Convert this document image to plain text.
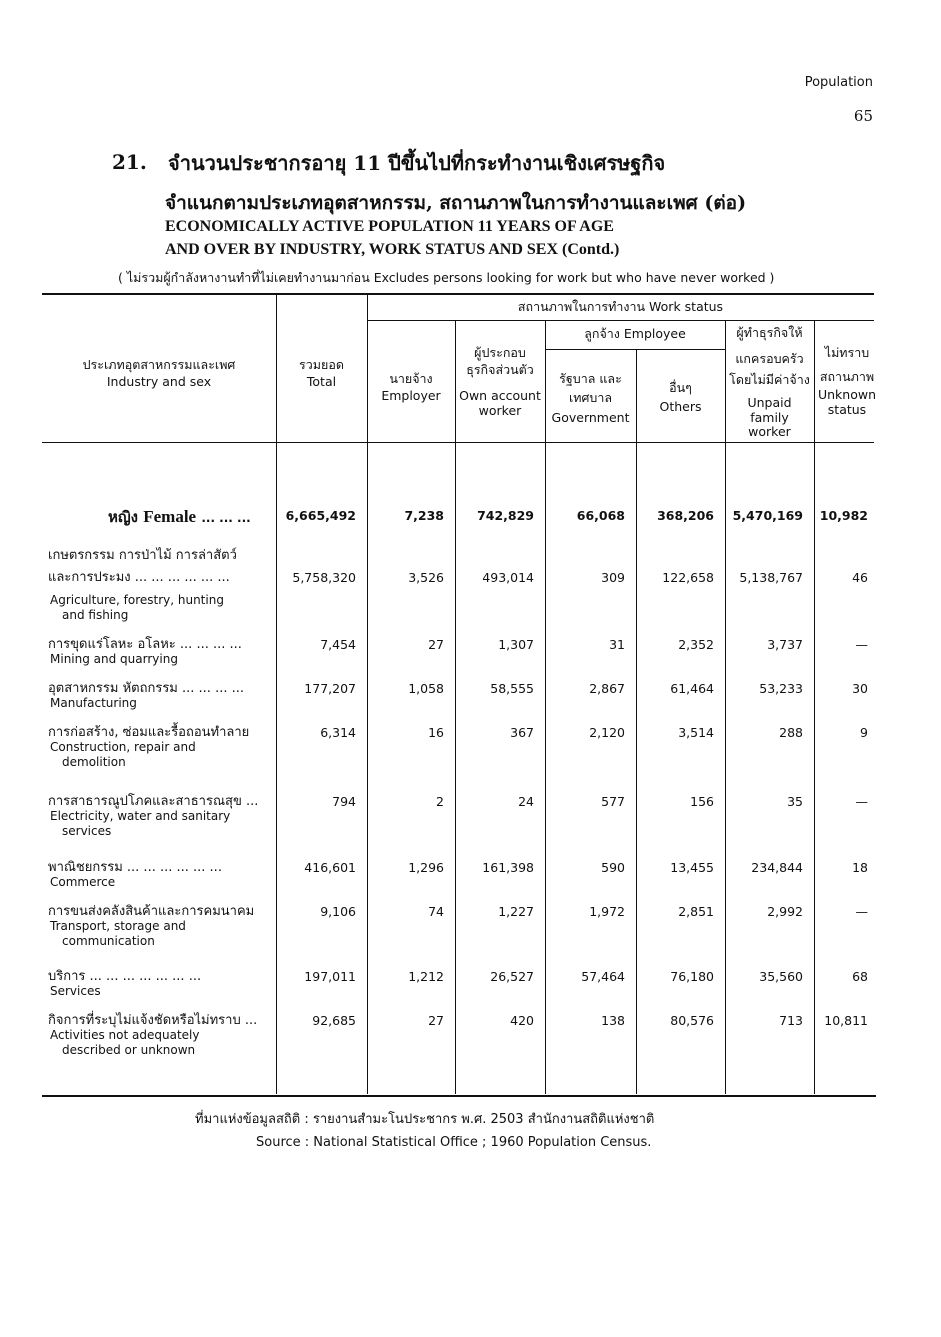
Population
65
21. จำนวนประชากรอายุ 11 ปีขึ้นไปที่กระทำงานเชิงเศรษฐกิจ
จำแนกตามประเภทอุตสาหกรรม, สถานภาพในการทำงานและเพศ (ต่อ)
ECONOMICALLY ACTIVE POPULATION 11 YEARS OF AGE
AND OVER BY INDUSTRY, WORK STATUS AND SEX (Contd.)
( ไม่รวมผู้กำลังหางานทำที่ไม่เคยทำงานมาก่อน Excludes persons looking for work but who have never worked )
ประเภทอุตสาหกรรมและเพศ
Industry and sex
รวมยอด
Total
สถานภาพในการทำงาน Work status
นายจ้าง
Employer
ผู้ประกอบ
ธุรกิจส่วนตัว
Own account
worker
ลูกจ้าง Employee
รัฐบาล และ
เทศบาล
Government
อื่นๆ
Others
ผู้ทำธุรกิจให้
แกครอบครัว
โดยไม่มีค่าจ้าง
Unpaid
family
worker
ไม่ทราบ
สถานภาพ
Unknown
status
หญิง Female ... ... ...	6,665,492	7,238	742,829	66,068	368,206	5,470,169	10,982
เกษตรกรรม การป่าไม้ การล่าสัตว์
และการประมง ... ... ... ... ... ...
Agriculture, forestry, hunting
and fishing
5,758,320	3,526	493,014	309	122,658	5,138,767	46
การขุดแร่โลหะ อโลหะ ... ... ... ...
Mining and quarrying
7,454	27	1,307	31	2,352	3,737	—
อุตสาหกรรม หัตถกรรม ... ... ... ...
Manufacturing
177,207	1,058	58,555	2,867	61,464	53,233	30
การก่อสร้าง, ซ่อมและรื้อถอนทำลาย
Construction, repair and
demolition
6,314	16	367	2,120	3,514	288	9
การสาธารณูปโภคและสาธารณสุข ...
Electricity, water and sanitary
services
794	2	24	577	156	35	—
พาณิชยกรรม ... ... ... ... ... ...
Commerce
416,601	1,296	161,398	590	13,455	234,844	18
การขนส่งคลังสินค้าและการคมนาคม
Transport, storage and
communication
9,106	74	1,227	1,972	2,851	2,992	—
บริการ ... ... ... ... ... ... ...
Services
197,011	1,212	26,527	57,464	76,180	35,560	68
กิจการที่ระบุไม่แจ้งชัดหรือไม่ทราบ ...
Activities not adequately
described or unknown
92,685	27	420	138	80,576	713	10,811
ที่มาแห่งข้อมูลสถิติ : รายงานสำมะโนประชากร พ.ศ. 2503 สำนักงานสถิติแห่งชาติ
Source : National Statistical Office ; 1960 Population Census.
